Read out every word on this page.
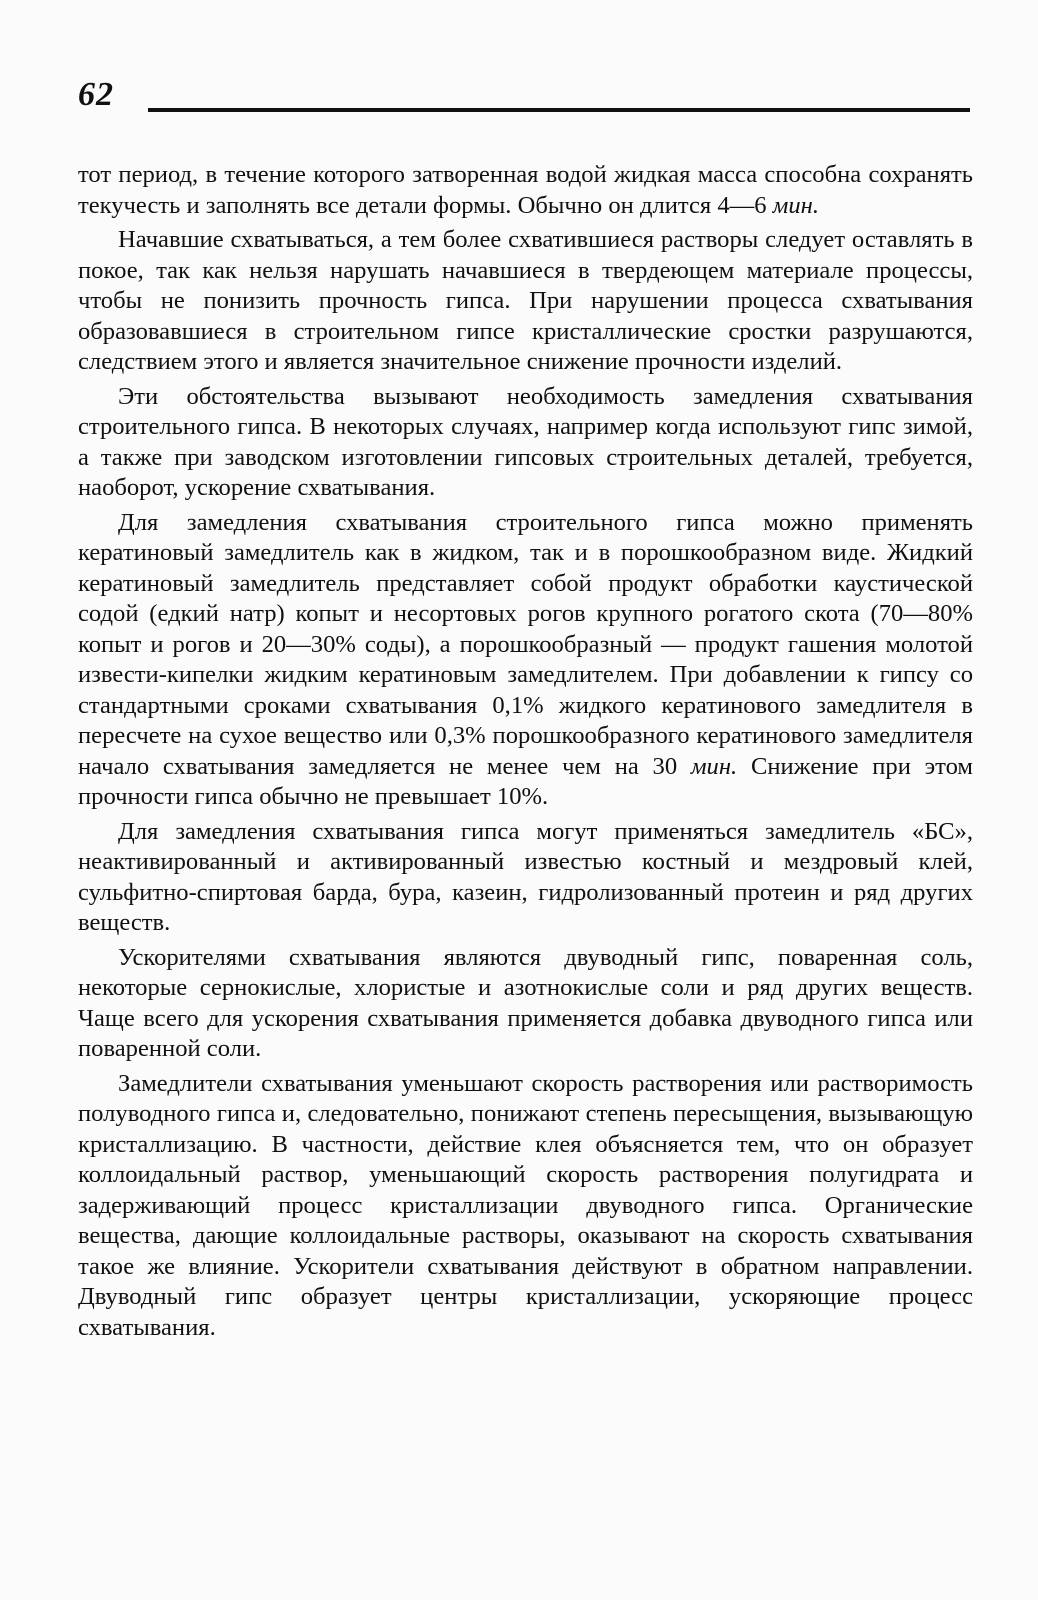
62

тот период, в течение которого затворенная водой жидкая масса способна сохранять текучесть и заполнять все детали формы. Обычно он длится 4—6 мин.

Начавшие схватываться, а тем более схватившиеся растворы следует оставлять в покое, так как нельзя нарушать начавшиеся в твердеющем материале процессы, чтобы не понизить прочность гипса. При нарушении процесса схватывания образовавшиеся в строительном гипсе кристаллические сростки разрушаются, следствием этого и является значительное снижение прочности изделий.

Эти обстоятельства вызывают необходимость замедления схватывания строительного гипса. В некоторых случаях, например когда используют гипс зимой, а также при заводском изготовлении гипсовых строительных деталей, требуется, наоборот, ускорение схватывания.

Для замедления схватывания строительного гипса можно применять кератиновый замедлитель как в жидком, так и в порошкообразном виде. Жидкий кератиновый замедлитель представляет собой продукт обработки каустической содой (едкий натр) копыт и несортовых рогов крупного рогатого скота (70—80% копыт и рогов и 20—30% соды), а порошкообразный — продукт гашения молотой извести-кипелки жидким кератиновым замедлителем. При добавлении к гипсу со стандартными сроками схватывания 0,1% жидкого кератинового замедлителя в пересчете на сухое вещество или 0,3% порошкообразного кератинового замедлителя начало схватывания замедляется не менее чем на 30 мин. Снижение при этом прочности гипса обычно не превышает 10%.

Для замедления схватывания гипса могут применяться замедлитель «БС», неактивированный и активированный известью костный и мездровый клей, сульфитно-спиртовая барда, бура, казеин, гидролизованный протеин и ряд других веществ.

Ускорителями схватывания являются двуводный гипс, поваренная соль, некоторые сернокислые, хлористые и азотнокислые соли и ряд других веществ. Чаще всего для ускорения схватывания применяется добавка двуводного гипса или поваренной соли.

Замедлители схватывания уменьшают скорость растворения или растворимость полуводного гипса и, следовательно, понижают степень пересыщения, вызывающую кристаллизацию. В частности, действие клея объясняется тем, что он образует коллоидальный раствор, уменьшающий скорость растворения полугидрата и задерживающий процесс кристаллизации двуводного гипса. Органические вещества, дающие коллоидальные растворы, оказывают на скорость схватывания такое же влияние. Ускорители схватывания действуют в обратном направлении. Двуводный гипс образует центры кристаллизации, ускоряющие процесс схватывания.
